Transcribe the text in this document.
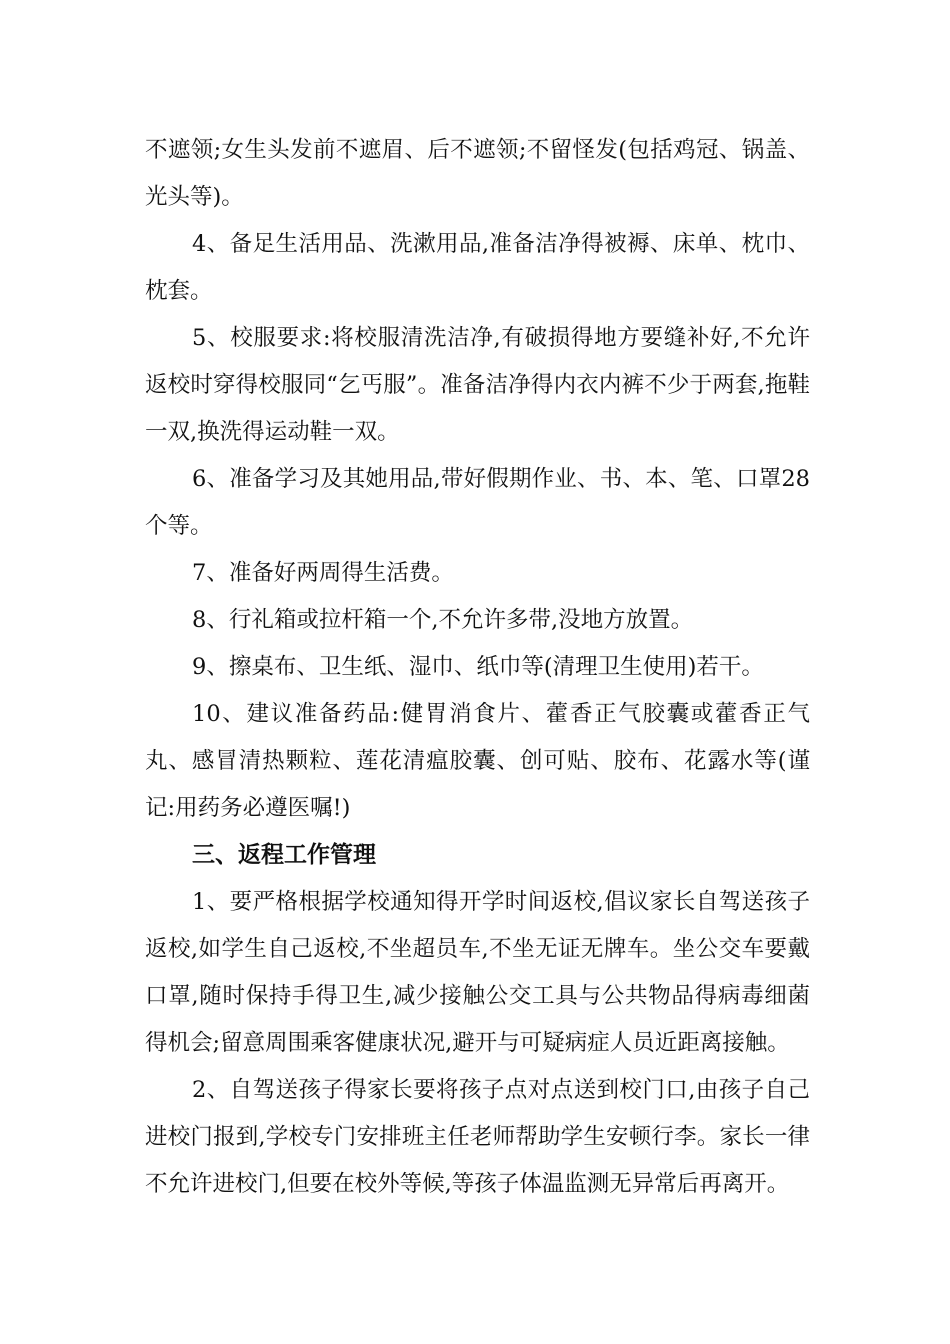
不遮领;女生头发前不遮眉、后不遮领;不留怪发(包括鸡冠、锅盖、光头等)。

4、备足生活用品、洗漱用品,准备洁净得被褥、床单、枕巾、枕套。

5、校服要求:将校服清洗洁净,有破损得地方要缝补好,不允许返校时穿得校服同“乞丐服”。准备洁净得内衣内裤不少于两套,拖鞋一双,换洗得运动鞋一双。

6、准备学习及其她用品,带好假期作业、书、本、笔、口罩28个等。

7、准备好两周得生活费。

8、行礼箱或拉杆箱一个,不允许多带,没地方放置。

9、擦桌布、卫生纸、湿巾、纸巾等(清理卫生使用)若干。

10、建议准备药品:健胃消食片、藿香正气胶囊或藿香正气丸、感冒清热颗粒、莲花清瘟胶囊、创可贴、胶布、花露水等(谨记:用药务必遵医嘱!)

三、返程工作管理

1、要严格根据学校通知得开学时间返校,倡议家长自驾送孩子返校,如学生自己返校,不坐超员车,不坐无证无牌车。坐公交车要戴口罩,随时保持手得卫生,减少接触公交工具与公共物品得病毒细菌得机会;留意周围乘客健康状况,避开与可疑病症人员近距离接触。

2、自驾送孩子得家长要将孩子点对点送到校门口,由孩子自己进校门报到,学校专门安排班主任老师帮助学生安顿行李。家长一律不允许进校门,但要在校外等候,等孩子体温监测无异常后再离开。
